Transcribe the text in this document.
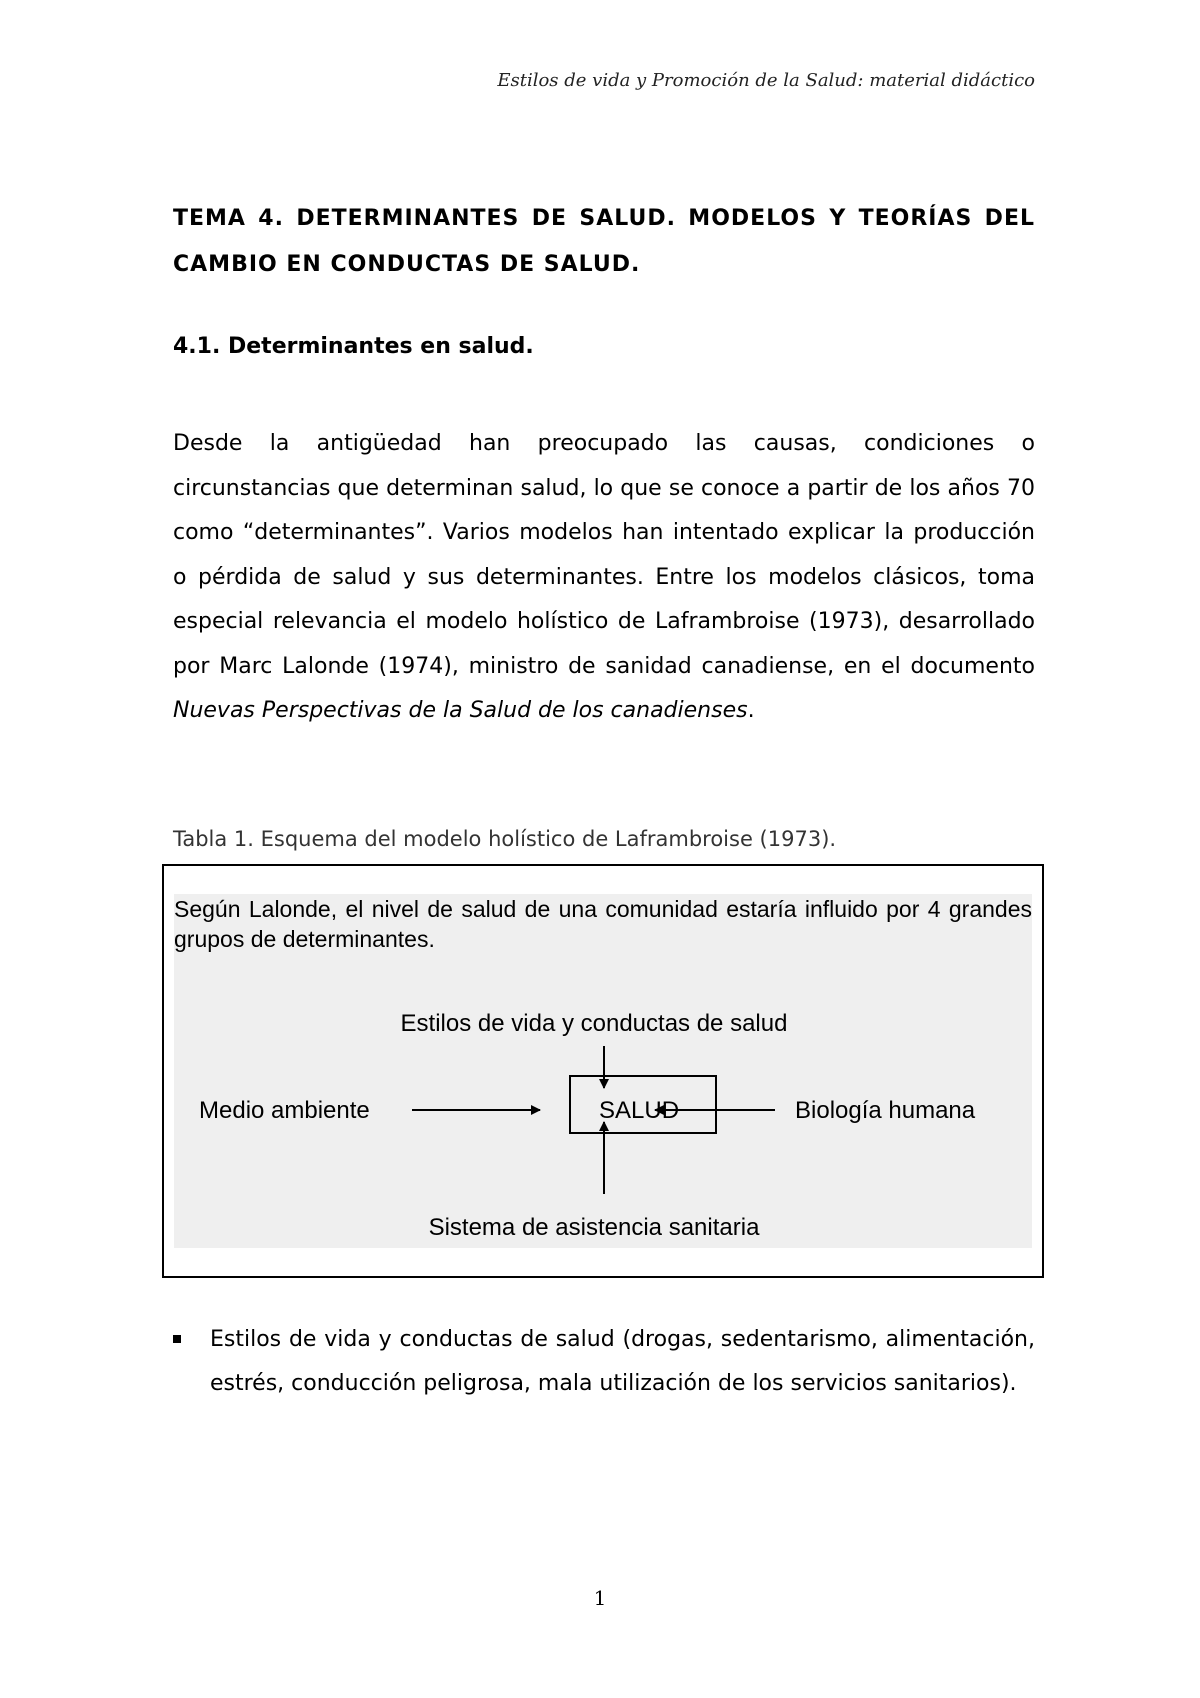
Estilos de vida y Promoción de la Salud: material didáctico
TEMA 4. DETERMINANTES DE SALUD. MODELOS Y TEORÍAS DEL CAMBIO EN CONDUCTAS DE SALUD.
4.1. Determinantes en salud.
Desde la antigüedad han preocupado las causas, condiciones o circunstancias que determinan salud, lo que se conoce a partir de los años 70 como “determinantes”. Varios modelos han intentado explicar la producción o pérdida de salud y sus determinantes. Entre los modelos clásicos, toma especial relevancia el modelo holístico de Laframbroise (1973), desarrollado por Marc Lalonde (1974), ministro de sanidad canadiense, en el documento Nuevas Perspectivas de la Salud de los canadienses.
Tabla 1. Esquema del modelo holístico de Laframbroise (1973).
Según Lalonde, el nivel de salud de una comunidad estaría influido por 4 grandes grupos de determinantes.
Estilos de vida y conductas de salud
Medio ambiente	Biología humana
Sistema de asistencia sanitaria
SALUD
Estilos de vida y conductas de salud (drogas, sedentarismo, alimentación, estrés, conducción peligrosa, mala utilización de los servicios sanitarios).
1
